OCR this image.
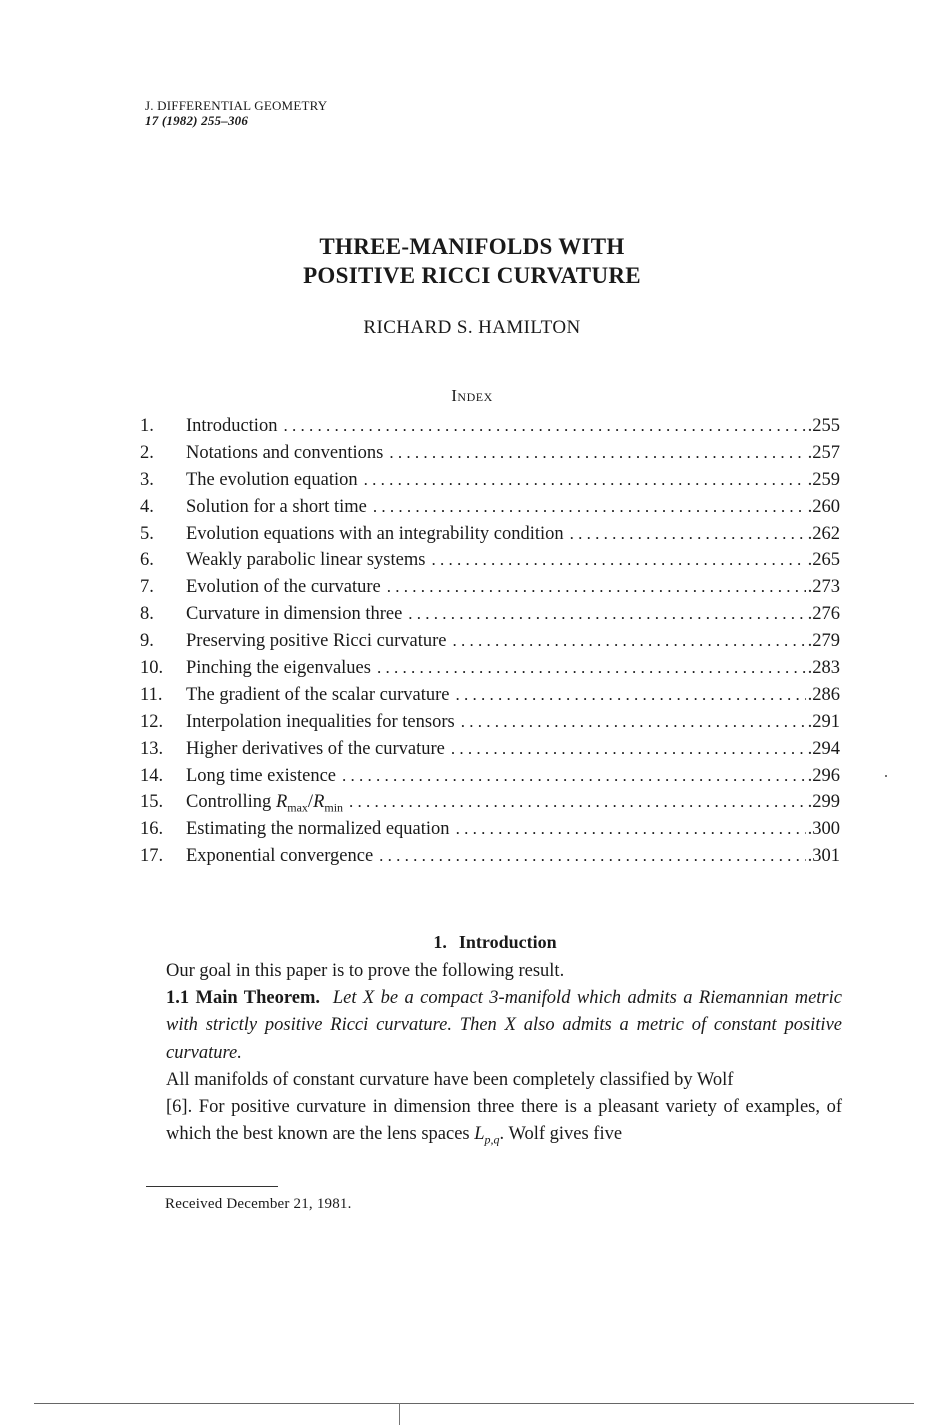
J. DIFFERENTIAL GEOMETRY
17 (1982) 255–306
THREE-MANIFOLDS WITH
POSITIVE RICCI CURVATURE
RICHARD S. HAMILTON
Index
1.	Introduction . . .	.255
2.	Notations and conventions . . .	.257
3.	The evolution equation . . .	.259
4.	Solution for a short time . . .	.260
5.	Evolution equations with an integrability condition . . .	.262
6.	Weakly parabolic linear systems . . .	.265
7.	Evolution of the curvature . . .	.273
8.	Curvature in dimension three . . .	.276
9.	Preserving positive Ricci curvature . . .	.279
10.	Pinching the eigenvalues . . .	.283
11.	The gradient of the scalar curvature . . .	.286
12.	Interpolation inequalities for tensors . . .	.291
13.	Higher derivatives of the curvature . . .	.294
14.	Long time existence . . .	.296
15.	Controlling $R_{max}/R_{min}$ . . .	.299
16.	Estimating the normalized equation . . .	.300
17.	Exponential convergence . . .	.301
1. Introduction

Our goal in this paper is to prove the following result.

1.1 Main Theorem. Let X be a compact 3-manifold which admits a Riemannian metric with strictly positive Ricci curvature. Then X also admits a metric of constant positive curvature.

All manifolds of constant curvature have been completely classified by Wolf

[6]. For positive curvature in dimension three there is a pleasant variety of examples, of which the best known are the lens spaces $L_{p,q}$. Wolf gives five

Received December 21, 1981.
